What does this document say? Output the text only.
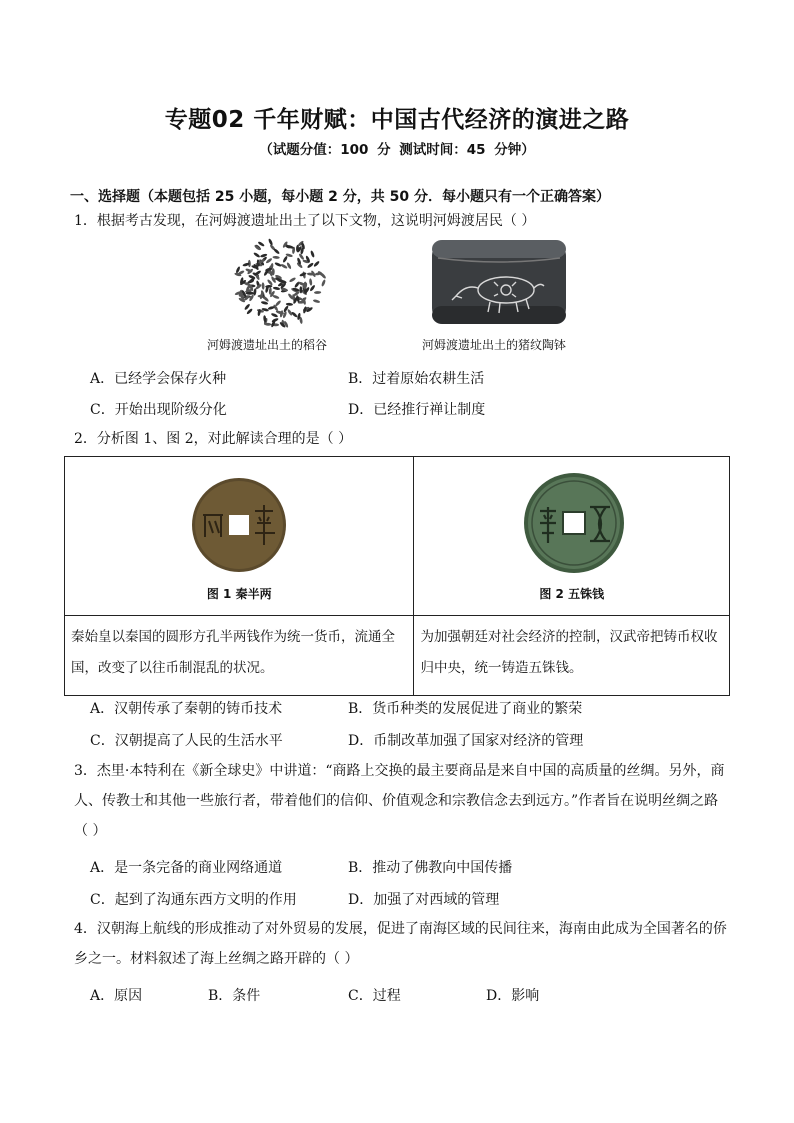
专题02 千年财赋：中国古代经济的演进之路
（试题分值：100 分 测试时间：45 分钟）
一、选择题（本题包括 25 小题，每小题 2 分，共 50 分．每小题只有一个正确答案）
1．根据考古发现，在河姆渡遗址出土了以下文物，这说明河姆渡居民（ ）
河姆渡遗址出土的稻谷	河姆渡遗址出土的猪纹陶钵
A．已经学会保存火种	B．过着原始农耕生活
C．开始出现阶级分化	D．已经推行禅让制度
2．分析图 1、图 2，对此解读合理的是（ ）
图 1 秦半两	图 2 五铢钱

秦始皇以秦国的圆形方孔半两钱作为统一货币，流通全国，改变了以往币制混乱的状况。	为加强朝廷对社会经济的控制，汉武帝把铸币权收归中央，统一铸造五铢钱。
A．汉朝传承了秦朝的铸币技术	B．货币种类的发展促进了商业的繁荣
C．汉朝提高了人民的生活水平	D．币制改革加强了国家对经济的管理
3．杰里·本特利在《新全球史》中讲道：“商路上交换的最主要商品是来自中国的高质量的丝绸。另外，商
人、传教士和其他一些旅行者，带着他们的信仰、价值观念和宗教信念去到远方。”作者旨在说明丝绸之路
（ ）
A．是一条完备的商业网络通道	B．推动了佛教向中国传播
C．起到了沟通东西方文明的作用	D．加强了对西域的管理
4．汉朝海上航线的形成推动了对外贸易的发展，促进了南海区域的民间往来，海南由此成为全国著名的侨
乡之一。材料叙述了海上丝绸之路开辟的（ ）
A．原因	B．条件	C．过程	D．影响
